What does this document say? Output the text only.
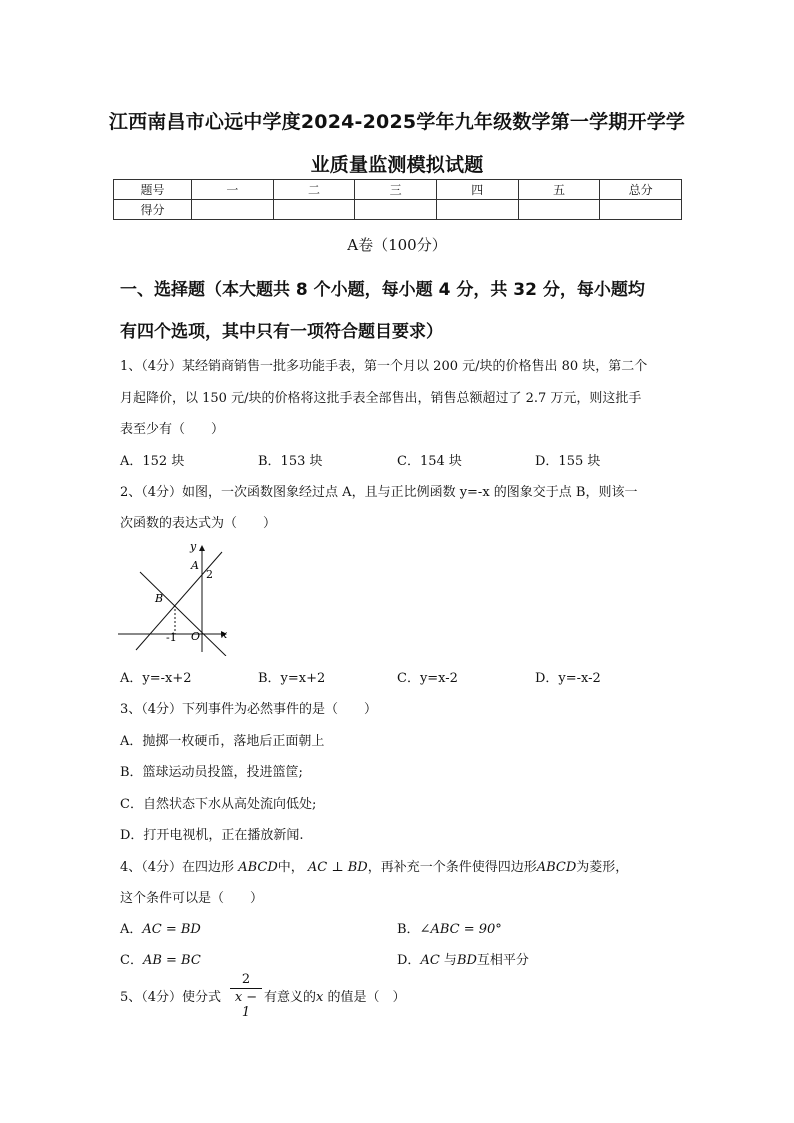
江西南昌市心远中学度2024-2025学年九年级数学第一学期开学学
业质量监测模拟试题
题号	一	二	三	四	五	总分
得分						
A卷（100分）
一、选择题（本大题共 8 个小题，每小题 4 分，共 32 分，每小题均
有四个选项，其中只有一项符合题目要求）
1、（4分）某经销商销售一批多功能手表，第一个月以 200 元/块的价格售出 80 块，第二个
月起降价，以 150 元/块的价格将这批手表全部售出，销售总额超过了 2.7 万元，则这批手
表至少有（　　）
A．152 块	B．153 块	C．154 块	D．155 块
2、（4分）如图，一次函数图象经过点 A，且与正比例函数 y=-x 的图象交于点 B，则该一
次函数的表达式为（　　）
y
x
A
2
B
-1 O
A．y=-x+2	B．y=x+2	C．y=x-2	D．y=-x-2
3、（4分）下列事件为必然事件的是（　　）
A．抛掷一枚硬币，落地后正面朝上
B．篮球运动员投篮，投进篮筐;
C．自然状态下水从高处流向低处;
D．打开电视机，正在播放新闻.
4、（4分）在四边形 ABCD中， AC ⊥ BD，再补充一个条件使得四边形ABCD为菱形，
这个条件可以是（　　）
A．AC = BD	B．∠ABC = 90°
C．AB = BC	D．AC 与BD互相平分
5、（4分）使分式
2
x − 1
有意义的x 的值是（　）
